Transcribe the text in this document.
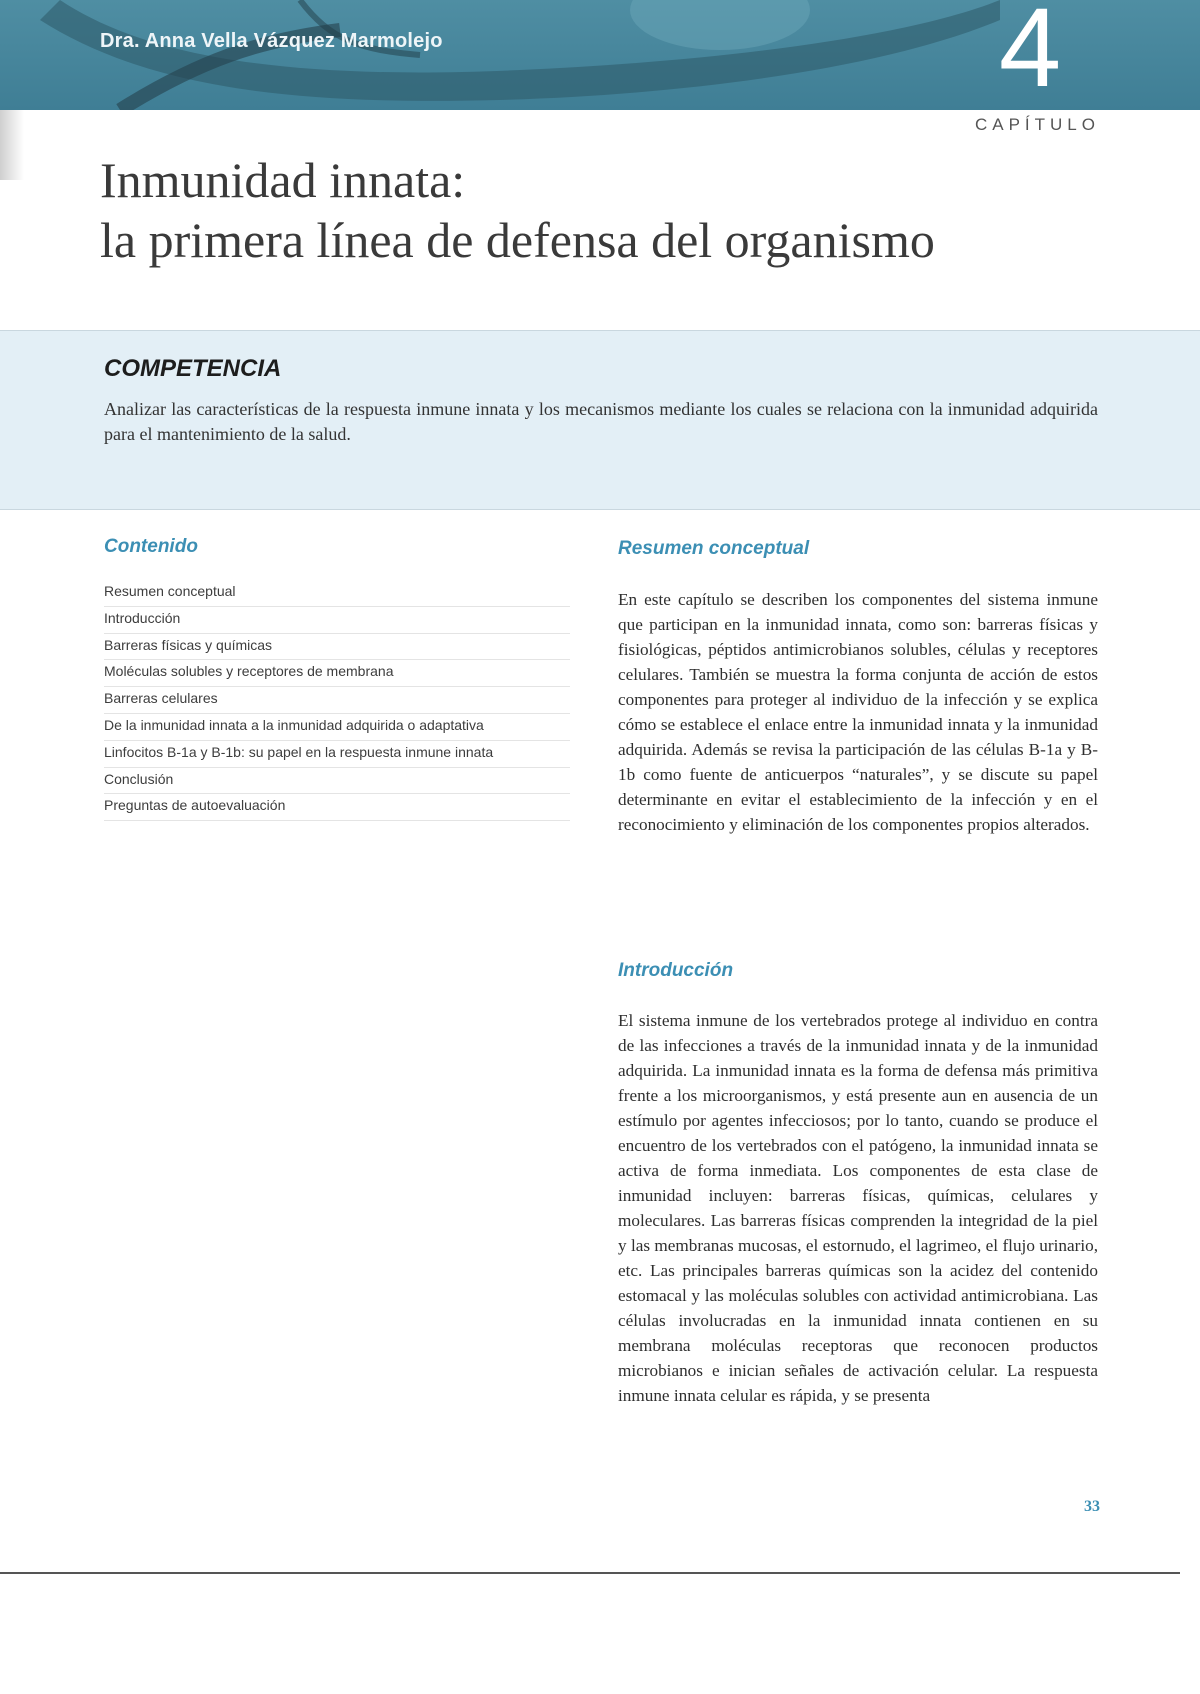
Dra. Anna Vella Vázquez Marmolejo	4
CAPÍTULO
Inmunidad innata:
la primera línea de defensa del organismo
COMPETENCIA
Analizar las características de la respuesta inmune innata y los mecanismos mediante los cuales se relaciona con la inmunidad adquirida para el mantenimiento de la salud.
Contenido
Resumen conceptual
Introducción
Barreras físicas y químicas
Moléculas solubles y receptores de membrana
Barreras celulares
De la inmunidad innata a la inmunidad adquirida o adaptativa
Linfocitos B-1a y B-1b: su papel en la respuesta inmune innata
Conclusión
Preguntas de autoevaluación
Resumen conceptual
En este capítulo se describen los componentes del sistema inmune que participan en la inmunidad innata, como son: barreras físicas y fisiológicas, péptidos antimicrobianos solubles, células y receptores celulares. También se muestra la forma conjunta de acción de estos componentes para proteger al individuo de la infección y se explica cómo se establece el enlace entre la inmunidad innata y la inmunidad adquirida. Además se revisa la participación de las células B-1a y B-1b como fuente de anticuerpos “naturales”, y se discute su papel determinante en evitar el establecimiento de la infección y en el reconocimiento y eliminación de los componentes propios alterados.
Introducción
El sistema inmune de los vertebrados protege al individuo en contra de las infecciones a través de la inmunidad innata y de la inmunidad adquirida. La inmunidad innata es la forma de defensa más primitiva frente a los microorganismos, y está presente aun en ausencia de un estímulo por agentes infecciosos; por lo tanto, cuando se produce el encuentro de los vertebrados con el patógeno, la inmunidad innata se activa de forma inmediata. Los componentes de esta clase de inmunidad incluyen: barreras físicas, químicas, celulares y moleculares. Las barreras físicas comprenden la integridad de la piel y las membranas mucosas, el estornudo, el lagrimeo, el flujo urinario, etc. Las principales barreras químicas son la acidez del contenido estomacal y las moléculas solubles con actividad antimicrobiana. Las células involucradas en la inmunidad innata contienen en su membrana moléculas receptoras que reconocen productos microbianos e inician señales de activación celular. La respuesta inmune innata celular es rápida, y se presenta
33
